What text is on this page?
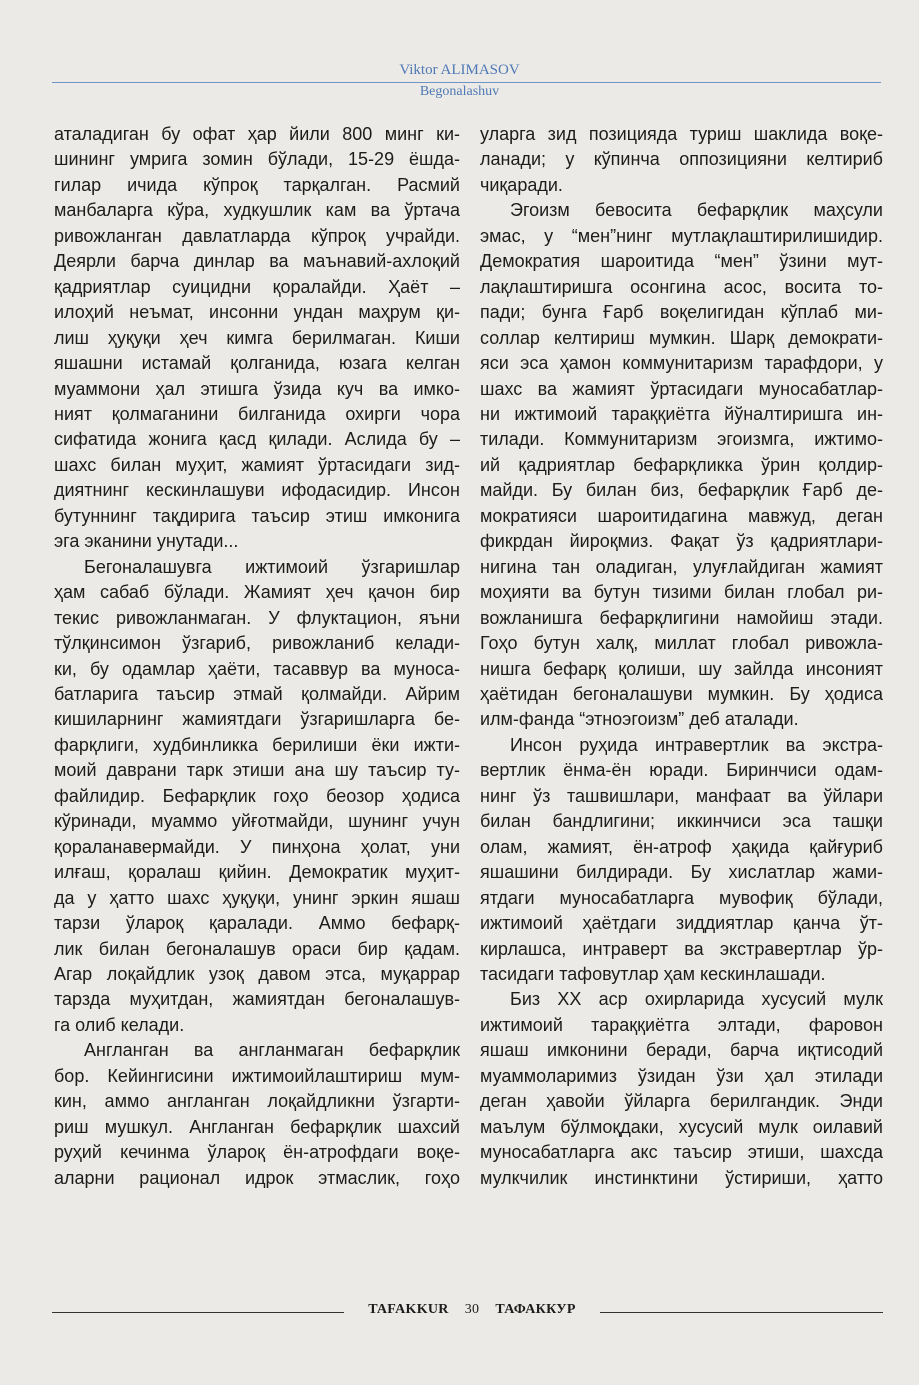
Viktor ALIMASOV
Begonalashuv

аталадиган бу офат ҳар йили 800 минг ки-

шининг умрига зомин бўлади, 15-29 ёшда-

гилар ичида кўпроқ тарқалган. Расмий

манбаларга кўра, худкушлик кам ва ўртача

ривожланган давлатларда кўпроқ учрайди.

Деярли барча динлар ва маънавий-ахлоқий

қадриятлар суицидни қоралайди. Ҳаёт –

илоҳий неъмат, инсонни ундан маҳрум қи-

лиш ҳуқуқи ҳеч кимга берилмаган. Киши

яшашни истамай қолганида, юзага келган

муаммони ҳал этишга ўзида куч ва имко-

ният қолмаганини билганида охирги чора

сифатида жонига қасд қилади. Аслида бу –

шахс билан муҳит, жамият ўртасидаги зид-

диятнинг кескинлашуви ифодасидир. Инсон

бутуннинг тақдирига таъсир этиш имконига

эга эканини унутади...

Бегоналашувга ижтимоий ўзгаришлар

ҳам сабаб бўлади. Жамият ҳеч қачон бир

текис ривожланмаган. У флуктацион, яъни

тўлқинсимон ўзгариб, ривожланиб келади-

ки, бу одамлар ҳаёти, тасаввур ва муноса-

батларига таъсир этмай қолмайди. Айрим

кишиларнинг жамиятдаги ўзгаришларга бе-

фарқлиги, худбинликка берилиши ёки ижти-

моий даврани тарк этиши ана шу таъсир ту-

файлидир. Бефарқлик гоҳо беозор ҳодиса

кўринади, муаммо уйғотмайди, шунинг учун

қораланавермайди. У пинҳона ҳолат, уни

илғаш, қоралаш қийин. Демократик муҳит-

да у ҳатто шахс ҳуқуқи, унинг эркин яшаш

тарзи ўлароқ қаралади. Аммо бефарқ-

лик билан бегоналашув ораси бир қадам.

Агар лоқайдлик узоқ давом этса, муқаррар

тарзда муҳитдан, жамиятдан бегоналашув-

га олиб келади.

Англанган ва англанмаган бефарқлик

бор. Кейингисини ижтимоийлаштириш мум-

кин, аммо англанган лоқайдликни ўзгарти-

риш мушкул. Англанган бефарқлик шахсий

руҳий кечинма ўлароқ ён-атрофдаги воқе-

аларни рационал идрок этмаслик, гоҳо

уларга зид позицияда туриш шаклида воқе-

ланади; у кўпинча оппозицияни келтириб

чиқаради.

Эгоизм бевосита бефарқлик маҳсули

эмас, у “мен”нинг мутлақлаштирилишидир.

Демократия шароитида “мен” ўзини мут-

лақлаштиришга осонгина асос, восита то-

пади; бунга Ғарб воқелигидан кўплаб ми-

соллар келтириш мумкин. Шарқ демократи-

яси эса ҳамон коммунитаризм тарафдори, у

шахс ва жамият ўртасидаги муносабатлар-

ни ижтимоий тараққиётга йўналтиришга ин-

тилади. Коммунитаризм эгоизмга, ижтимо-

ий қадриятлар бефарқликка ўрин қолдир-

майди. Бу билан биз, бефарқлик Ғарб де-

мократияси шароитидагина мавжуд, деган

фикрдан йироқмиз. Фақат ўз қадриятлари-

нигина тан оладиган, улуғлайдиган жамият

моҳияти ва бутун тизими билан глобал ри-

вожланишга бефарқлигини намойиш этади.

Гоҳо бутун халқ, миллат глобал ривожла-

нишга бефарқ қолиши, шу зайлда инсоният

ҳаётидан бегоналашуви мумкин. Бу ҳодиса

илм-фанда “этноэгоизм” деб аталади.

Инсон руҳида интравертлик ва экстра-

вертлик ёнма-ён юради. Биринчиси одам-

нинг ўз ташвишлари, манфаат ва ўйлари

билан бандлигини; иккинчиси эса ташқи

олам, жамият, ён-атроф ҳақида қайғуриб

яшашини билдиради. Бу хислатлар жами-

ятдаги муносабатларга мувофиқ бўлади,

ижтимоий ҳаётдаги зиддиятлар қанча ўт-

кирлашса, интраверт ва экстравертлар ўр-

тасидаги тафовутлар ҳам кескинлашади.

Биз XX аср охирларида хусусий мулк

ижтимоий тараққиётга элтади, фаровон

яшаш имконини беради, барча иқтисодий

муаммоларимиз ўзидан ўзи ҳал этилади

деган ҳавойи ўйларга берилгандик. Энди

маълум бўлмоқдаки, хусусий мулк оилавий

муносабатларга акс таъсир этиши, шахсда

мулкчилик инстинктини ўстириши, ҳатто

TAFAKKUR 30 ТАФАККУР
